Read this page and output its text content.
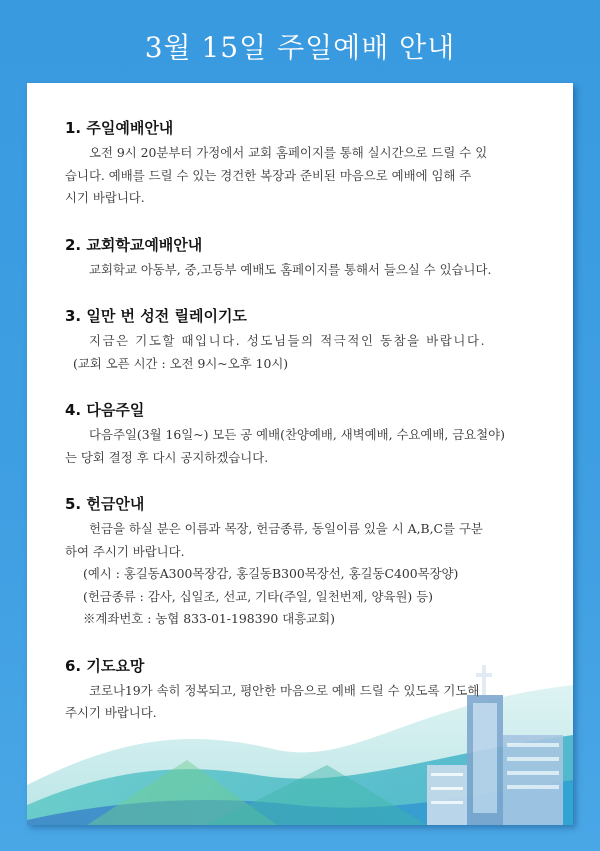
3월 15일 주일예배 안내
1. 주일예배안내

오전 9시 20분부터 가정에서 교회 홈페이지를 통해 실시간으로 드릴 수 있

습니다. 예배를 드릴 수 있는 경건한 복장과 준비된 마음으로 예배에 임해 주

시기 바랍니다.

2. 교회학교예배안내

교회학교 아동부, 중,고등부 예배도 홈페이지를 통해서 들으실 수 있습니다.

3. 일만 번 성전 릴레이기도

지금은 기도할 때입니다. 성도님들의 적극적인 동참을 바랍니다.

(교회 오픈 시간 : 오전 9시~오후 10시)

4. 다음주일

다음주일(3월 16일~) 모든 공 예배(찬양예배, 새벽예배, 수요예배, 금요철야)

는 당회 결정 후 다시 공지하겠습니다.

5. 헌금안내

헌금을 하실 분은 이름과 목장, 헌금종류, 동일이름 있을 시 A,B,C를 구분

하여 주시기 바랍니다.

(예시 : 홍길동A300목장감, 홍길동B300목장선, 홍길동C400목장양)

(헌금종류 : 감사, 십일조, 선교, 기타(주일, 일천번제, 양육원) 등)

※계좌번호 : 농협 833-01-198390 대흥교회)

6. 기도요망

코로나19가 속히 정복되고, 평안한 마음으로 예배 드릴 수 있도록 기도해

주시기 바랍니다.
